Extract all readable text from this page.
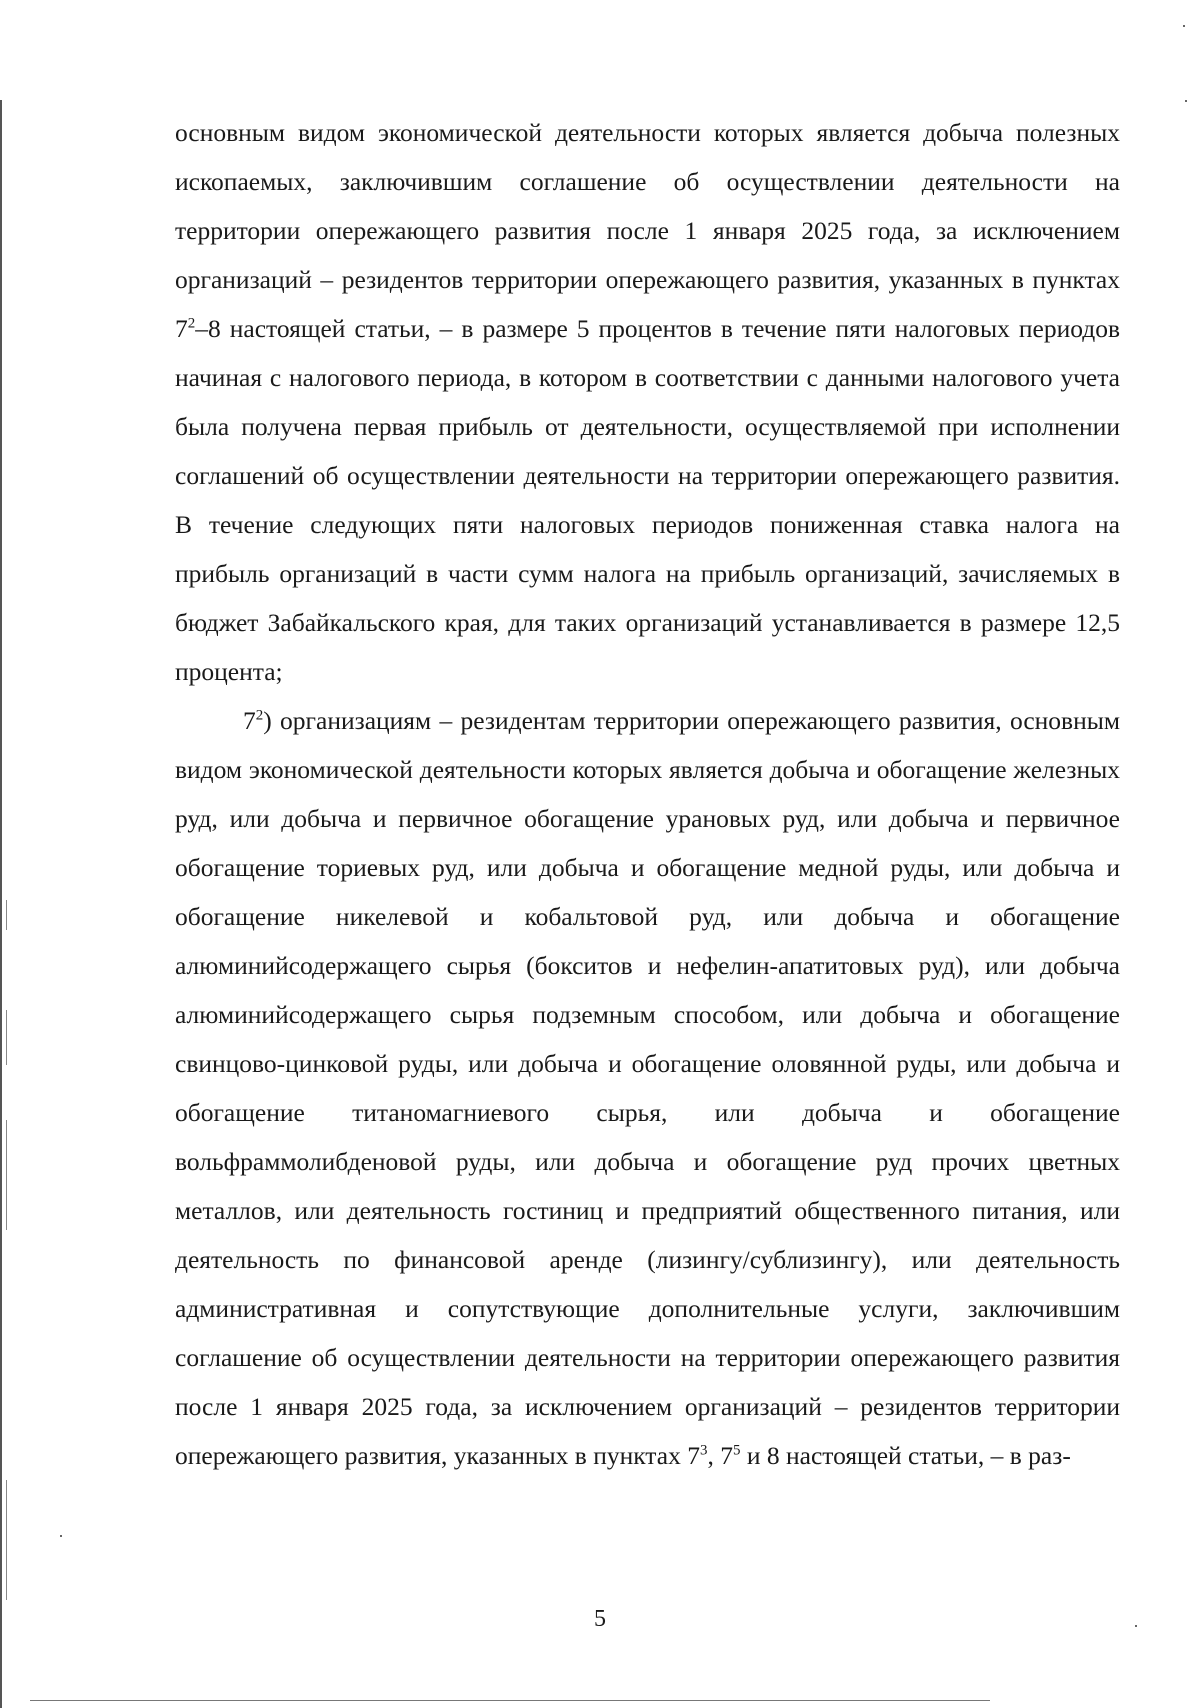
основным видом экономической деятельности которых является добыча полезных ископаемых, заключившим соглашение об осуществлении деятельности на территории опережающего развития после 1 января 2025 года, за исключением организаций – резидентов территории опережающего развития, указанных в пунктах $7^2-8$ настоящей статьи, – в размере 5 процентов в течение пяти налоговых периодов начиная с налогового периода, в котором в соответствии с данными налогового учета была получена первая прибыль от деятельности, осуществляемой при исполнении соглашений об осуществлении деятельности на территории опережающего развития. В течение следующих пяти налоговых периодов пониженная ставка налога на прибыль организаций в части сумм налога на прибыль организаций, зачисляемых в бюджет Забайкальского края, для таких организаций устанавливается в размере 12,5 процента;

$7^2$) организациям – резидентам территории опережающего развития, основным видом экономической деятельности которых является добыча и обогащение железных руд, или добыча и первичное обогащение урановых руд, или добыча и первичное обогащение ториевых руд, или добыча и обогащение медной руды, или добыча и обогащение никелевой и кобальтовой руд, или добыча и обогащение алюминийсодержащего сырья (бокситов и нефелин-апатитовых руд), или добыча алюминийсодержащего сырья подземным способом, или добыча и обогащение свинцово-цинковой руды, или добыча и обогащение оловянной руды, или добыча и обогащение титаномагниевого сырья, или добыча и обогащение вольфраммолибденовой руды, или добыча и обогащение руд прочих цветных металлов, или деятельность гостиниц и предприятий общественного питания, или деятельность по финансовой аренде (лизингу/сублизингу), или деятельность административная и сопутствующие дополнительные услуги, заключившим соглашение об осуществлении деятельности на территории опережающего развития после 1 января 2025 года, за исключением организаций – резидентов территории опережающего развития, указанных в пунктах $7^3$, $7^5$ и 8 настоящей статьи, – в раз-

5
